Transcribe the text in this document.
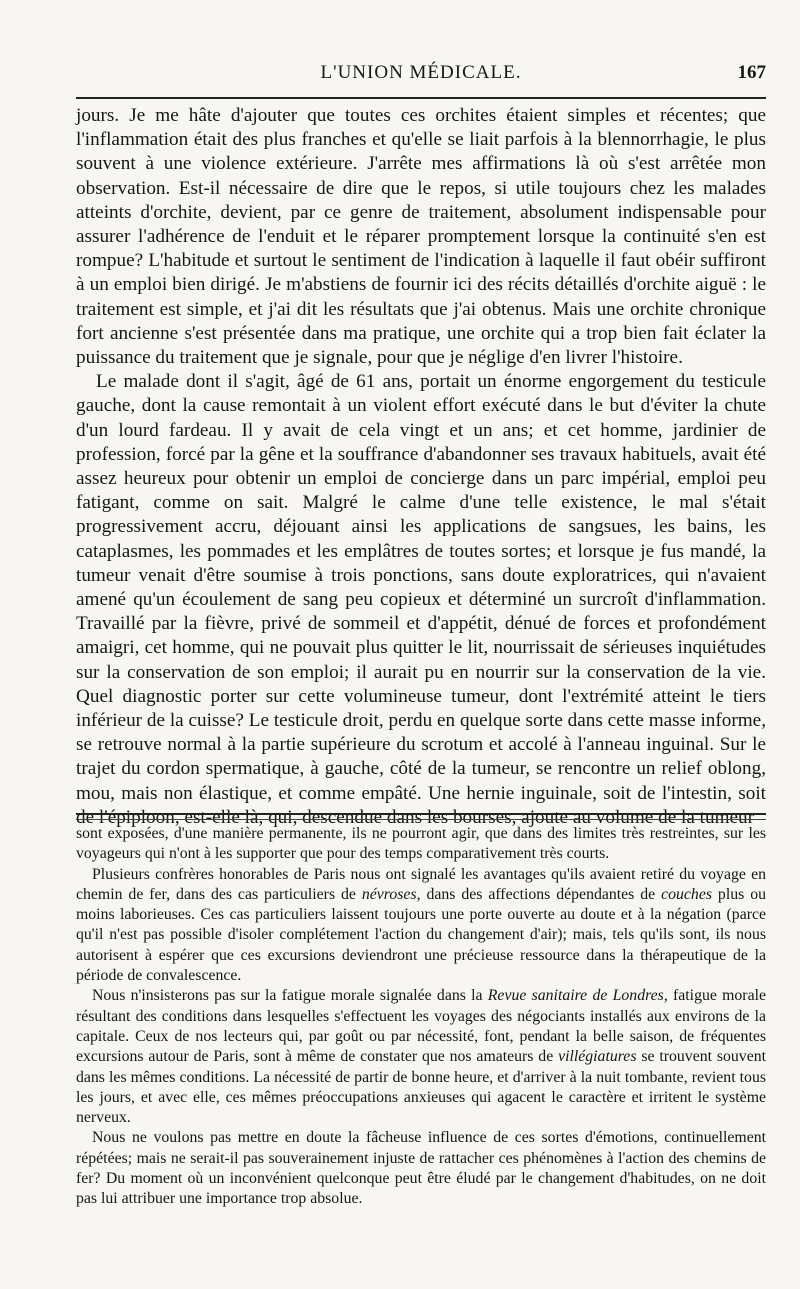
L'UNION MÉDICALE.	167

jours. Je me hâte d'ajouter que toutes ces orchites étaient simples et récentes; que l'inflammation était des plus franches et qu'elle se liait parfois à la blennorrhagie, le plus souvent à une violence extérieure. J'arrête mes affirmations là où s'est arrêtée mon observation. Est-il nécessaire de dire que le repos, si utile toujours chez les malades atteints d'orchite, devient, par ce genre de traitement, absolument indispensable pour assurer l'adhérence de l'enduit et le réparer promptement lorsque la continuité s'en est rompue? L'habitude et surtout le sentiment de l'indication à laquelle il faut obéir suffiront à un emploi bien dirigé. Je m'abstiens de fournir ici des récits détaillés d'orchite aiguë : le traitement est simple, et j'ai dit les résultats que j'ai obtenus. Mais une orchite chronique fort ancienne s'est présentée dans ma pratique, une orchite qui a trop bien fait éclater la puissance du traitement que je signale, pour que je néglige d'en livrer l'histoire.

Le malade dont il s'agit, âgé de 61 ans, portait un énorme engorgement du testicule gauche, dont la cause remontait à un violent effort exécuté dans le but d'éviter la chute d'un lourd fardeau. Il y avait de cela vingt et un ans; et cet homme, jardinier de profession, forcé par la gêne et la souffrance d'abandonner ses travaux habituels, avait été assez heureux pour obtenir un emploi de concierge dans un parc impérial, emploi peu fatigant, comme on sait. Malgré le calme d'une telle existence, le mal s'était progressivement accru, déjouant ainsi les applications de sangsues, les bains, les cataplasmes, les pommades et les emplâtres de toutes sortes; et lorsque je fus mandé, la tumeur venait d'être soumise à trois ponctions, sans doute exploratrices, qui n'avaient amené qu'un écoulement de sang peu copieux et déterminé un surcroît d'inflammation. Travaillé par la fièvre, privé de sommeil et d'appétit, dénué de forces et profondément amaigri, cet homme, qui ne pouvait plus quitter le lit, nourrissait de sérieuses inquiétudes sur la conservation de son emploi; il aurait pu en nourrir sur la conservation de la vie. Quel diagnostic porter sur cette volumineuse tumeur, dont l'extrémité atteint le tiers inférieur de la cuisse? Le testicule droit, perdu en quelque sorte dans cette masse informe, se retrouve normal à la partie supérieure du scrotum et accolé à l'anneau inguinal. Sur le trajet du cordon spermatique, à gauche, côté de la tumeur, se rencontre un relief oblong, mou, mais non élastique, et comme empâté. Une hernie inguinale, soit de l'intestin, soit de l'épiploon, est-elle là, qui, descendue dans les bourses, ajoute au volume de la tumeur

sont exposées, d'une manière permanente, ils ne pourront agir, que dans des limites très restreintes, sur les voyageurs qui n'ont à les supporter que pour des temps comparativement très courts.

Plusieurs confrères honorables de Paris nous ont signalé les avantages qu'ils avaient retiré du voyage en chemin de fer, dans des cas particuliers de névroses, dans des affections dépendantes de couches plus ou moins laborieuses. Ces cas particuliers laissent toujours une porte ouverte au doute et à la négation (parce qu'il n'est pas possible d'isoler complétement l'action du changement d'air); mais, tels qu'ils sont, ils nous autorisent à espérer que ces excursions deviendront une précieuse ressource dans la thérapeutique de la période de convalescence.

Nous n'insisterons pas sur la fatigue morale signalée dans la Revue sanitaire de Londres, fatigue morale résultant des conditions dans lesquelles s'effectuent les voyages des négociants installés aux environs de la capitale. Ceux de nos lecteurs qui, par goût ou par nécessité, font, pendant la belle saison, de fréquentes excursions autour de Paris, sont à même de constater que nos amateurs de villégiatures se trouvent souvent dans les mêmes conditions. La nécessité de partir de bonne heure, et d'arriver à la nuit tombante, revient tous les jours, et avec elle, ces mêmes préoccupations anxieuses qui agacent le caractère et irritent le système nerveux.

Nous ne voulons pas mettre en doute la fâcheuse influence de ces sortes d'émotions, continuellement répétées; mais ne serait-il pas souverainement injuste de rattacher ces phénomènes à l'action des chemins de fer? Du moment où un inconvénient quelconque peut être éludé par le changement d'habitudes, on ne doit pas lui attribuer une importance trop absolue.
